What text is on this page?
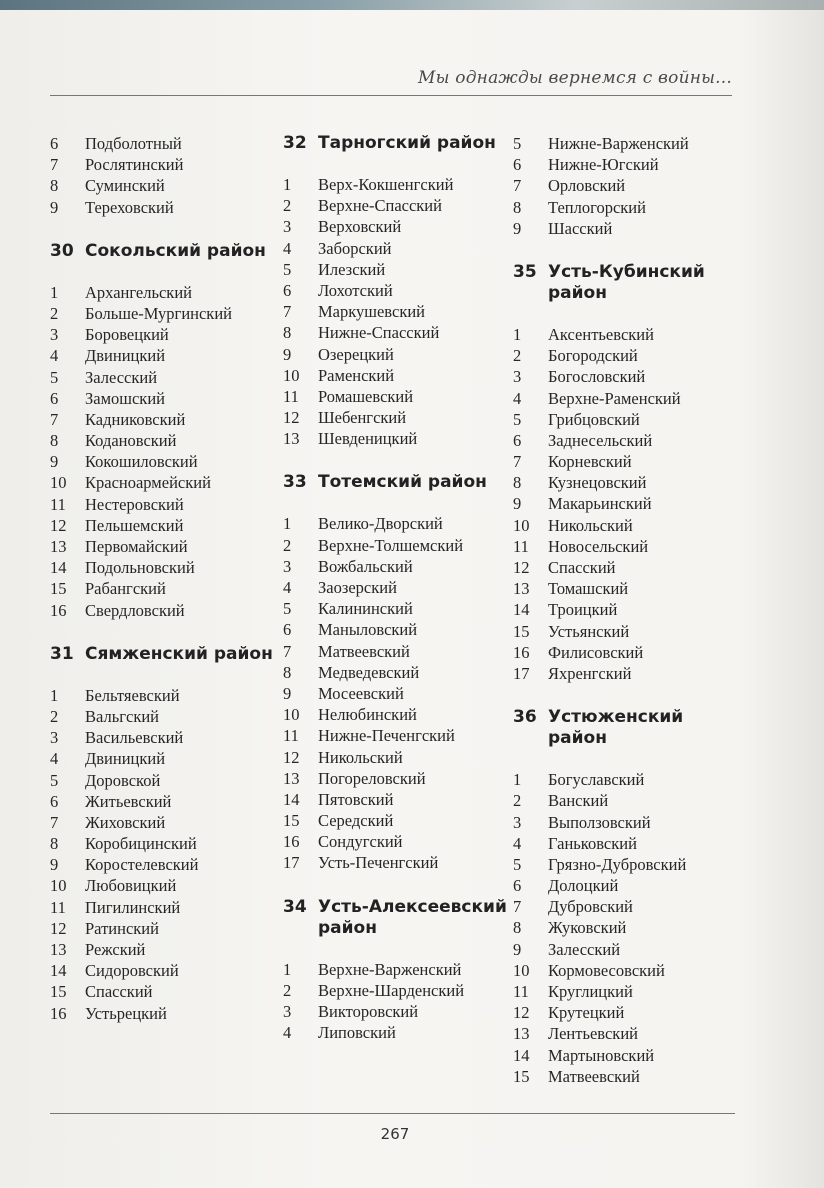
Мы однажды вернемся с войны...
6	Подболотный
7	Рослятинский
8	Суминский
9	Тереховский
30 Сокольский район
1	Архангельский
2	Больше-Мургинский
3	Боровецкий
4	Двиницкий
5	Залесский
6	Замошский
7	Кадниковский
8	Кодановский
9	Кокошиловский
10	Красноармейский
11	Нестеровский
12	Пельшемский
13	Первомайский
14	Подольновский
15	Рабангский
16	Свердловский
31 Сямженский район
1	Бельтяевский
2	Вальгский
3	Васильевский
4	Двиницкий
5	Доровской
6	Житьевский
7	Жиховский
8	Коробицинский
9	Коростелевский
10	Любовицкий
11	Пигилинский
12	Ратинский
13	Режский
14	Сидоровский
15	Спасский
16	Устьрецкий
32 Тарногский район
1	Верх-Кокшенгский
2	Верхне-Спасский
3	Верховский
4	Заборский
5	Илезский
6	Лохотский
7	Маркушевский
8	Нижне-Спасский
9	Озерецкий
10	Раменский
11	Ромашевский
12	Шебенгский
13	Шевденицкий
33 Тотемский район
1	Велико-Дворский
2	Верхне-Толшемский
3	Вожбальский
4	Заозерский
5	Калининский
6	Маныловский
7	Матвеевский
8	Медведевский
9	Мосеевский
10	Нелюбинский
11	Нижне-Печенгский
12	Никольский
13	Погореловский
14	Пятовский
15	Середский
16	Сондугский
17	Усть-Печенгский
34 Усть-Алексеевский район
1	Верхне-Варженский
2	Верхне-Шарденский
3	Викторовский
4	Липовский
5	Нижне-Варженский
6	Нижне-Югский
7	Орловский
8	Теплогорский
9	Шасский
35 Усть-Кубинский район
1	Аксентьевский
2	Богородский
3	Богословский
4	Верхне-Раменский
5	Грибцовский
6	Заднесельский
7	Корневский
8	Кузнецовский
9	Макарьинский
10	Никольский
11	Новосельский
12	Спасский
13	Томашский
14	Троицкий
15	Устьянский
16	Филисовский
17	Яхренгский
36 Устюженский район
1	Богуславский
2	Ванский
3	Выползовский
4	Ганьковский
5	Грязно-Дубровский
6	Долоцкий
7	Дубровский
8	Жуковский
9	Залесский
10	Кормовесовский
11	Круглицкий
12	Крутецкий
13	Лентьевский
14	Мартыновский
15	Матвеевский
267
